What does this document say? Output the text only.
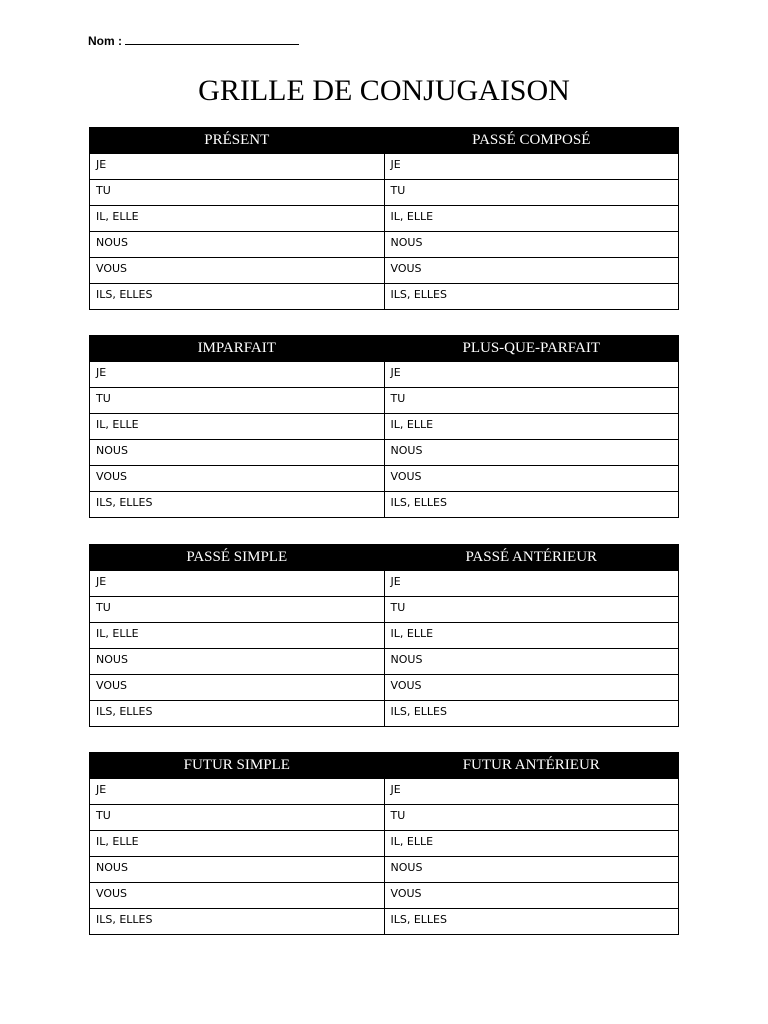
Nom :
GRILLE DE CONJUGAISON
PRÉSENT	PASSÉ COMPOSÉ
JE	JE
TU	TU
IL, ELLE	IL, ELLE
NOUS	NOUS
VOUS	VOUS
ILS, ELLES	ILS, ELLES
IMPARFAIT	PLUS-QUE-PARFAIT
JE	JE
TU	TU
IL, ELLE	IL, ELLE
NOUS	NOUS
VOUS	VOUS
ILS, ELLES	ILS, ELLES
PASSÉ SIMPLE	PASSÉ ANTÉRIEUR
JE	JE
TU	TU
IL, ELLE	IL, ELLE
NOUS	NOUS
VOUS	VOUS
ILS, ELLES	ILS, ELLES
FUTUR SIMPLE	FUTUR ANTÉRIEUR
JE	JE
TU	TU
IL, ELLE	IL, ELLE
NOUS	NOUS
VOUS	VOUS
ILS, ELLES	ILS, ELLES
